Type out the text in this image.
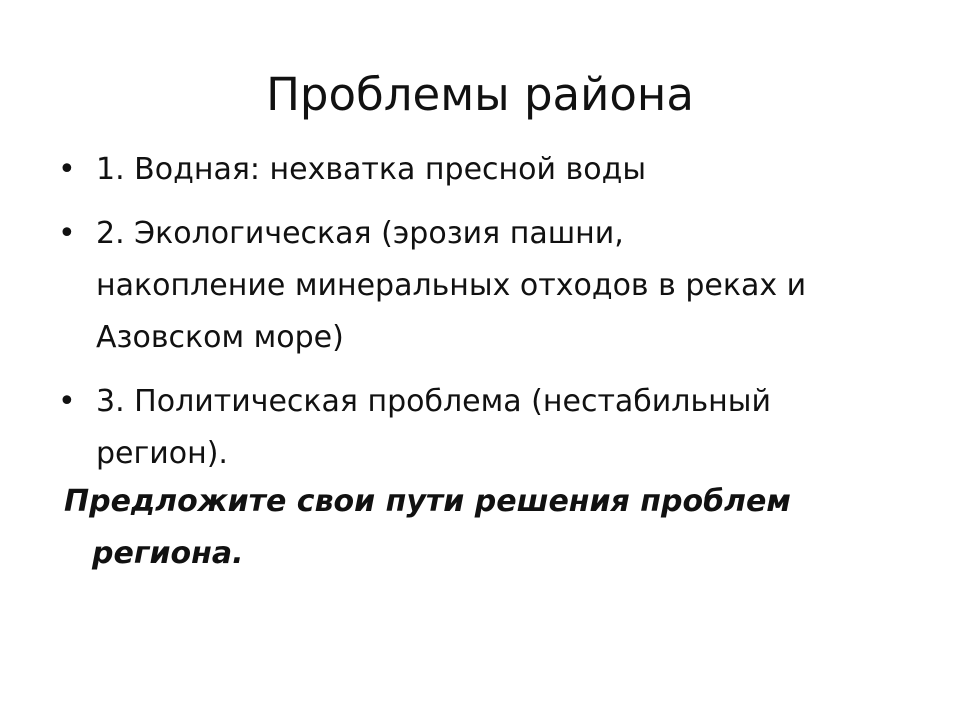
Проблемы района
• 1. Водная: нехватка пресной воды
• 2. Экологическая (эрозия пашни,
накопление минеральных отходов в реках и
Азовском море)
• 3. Политическая проблема (нестабильный
регион).

Предложите свои пути решения проблем
региона.
